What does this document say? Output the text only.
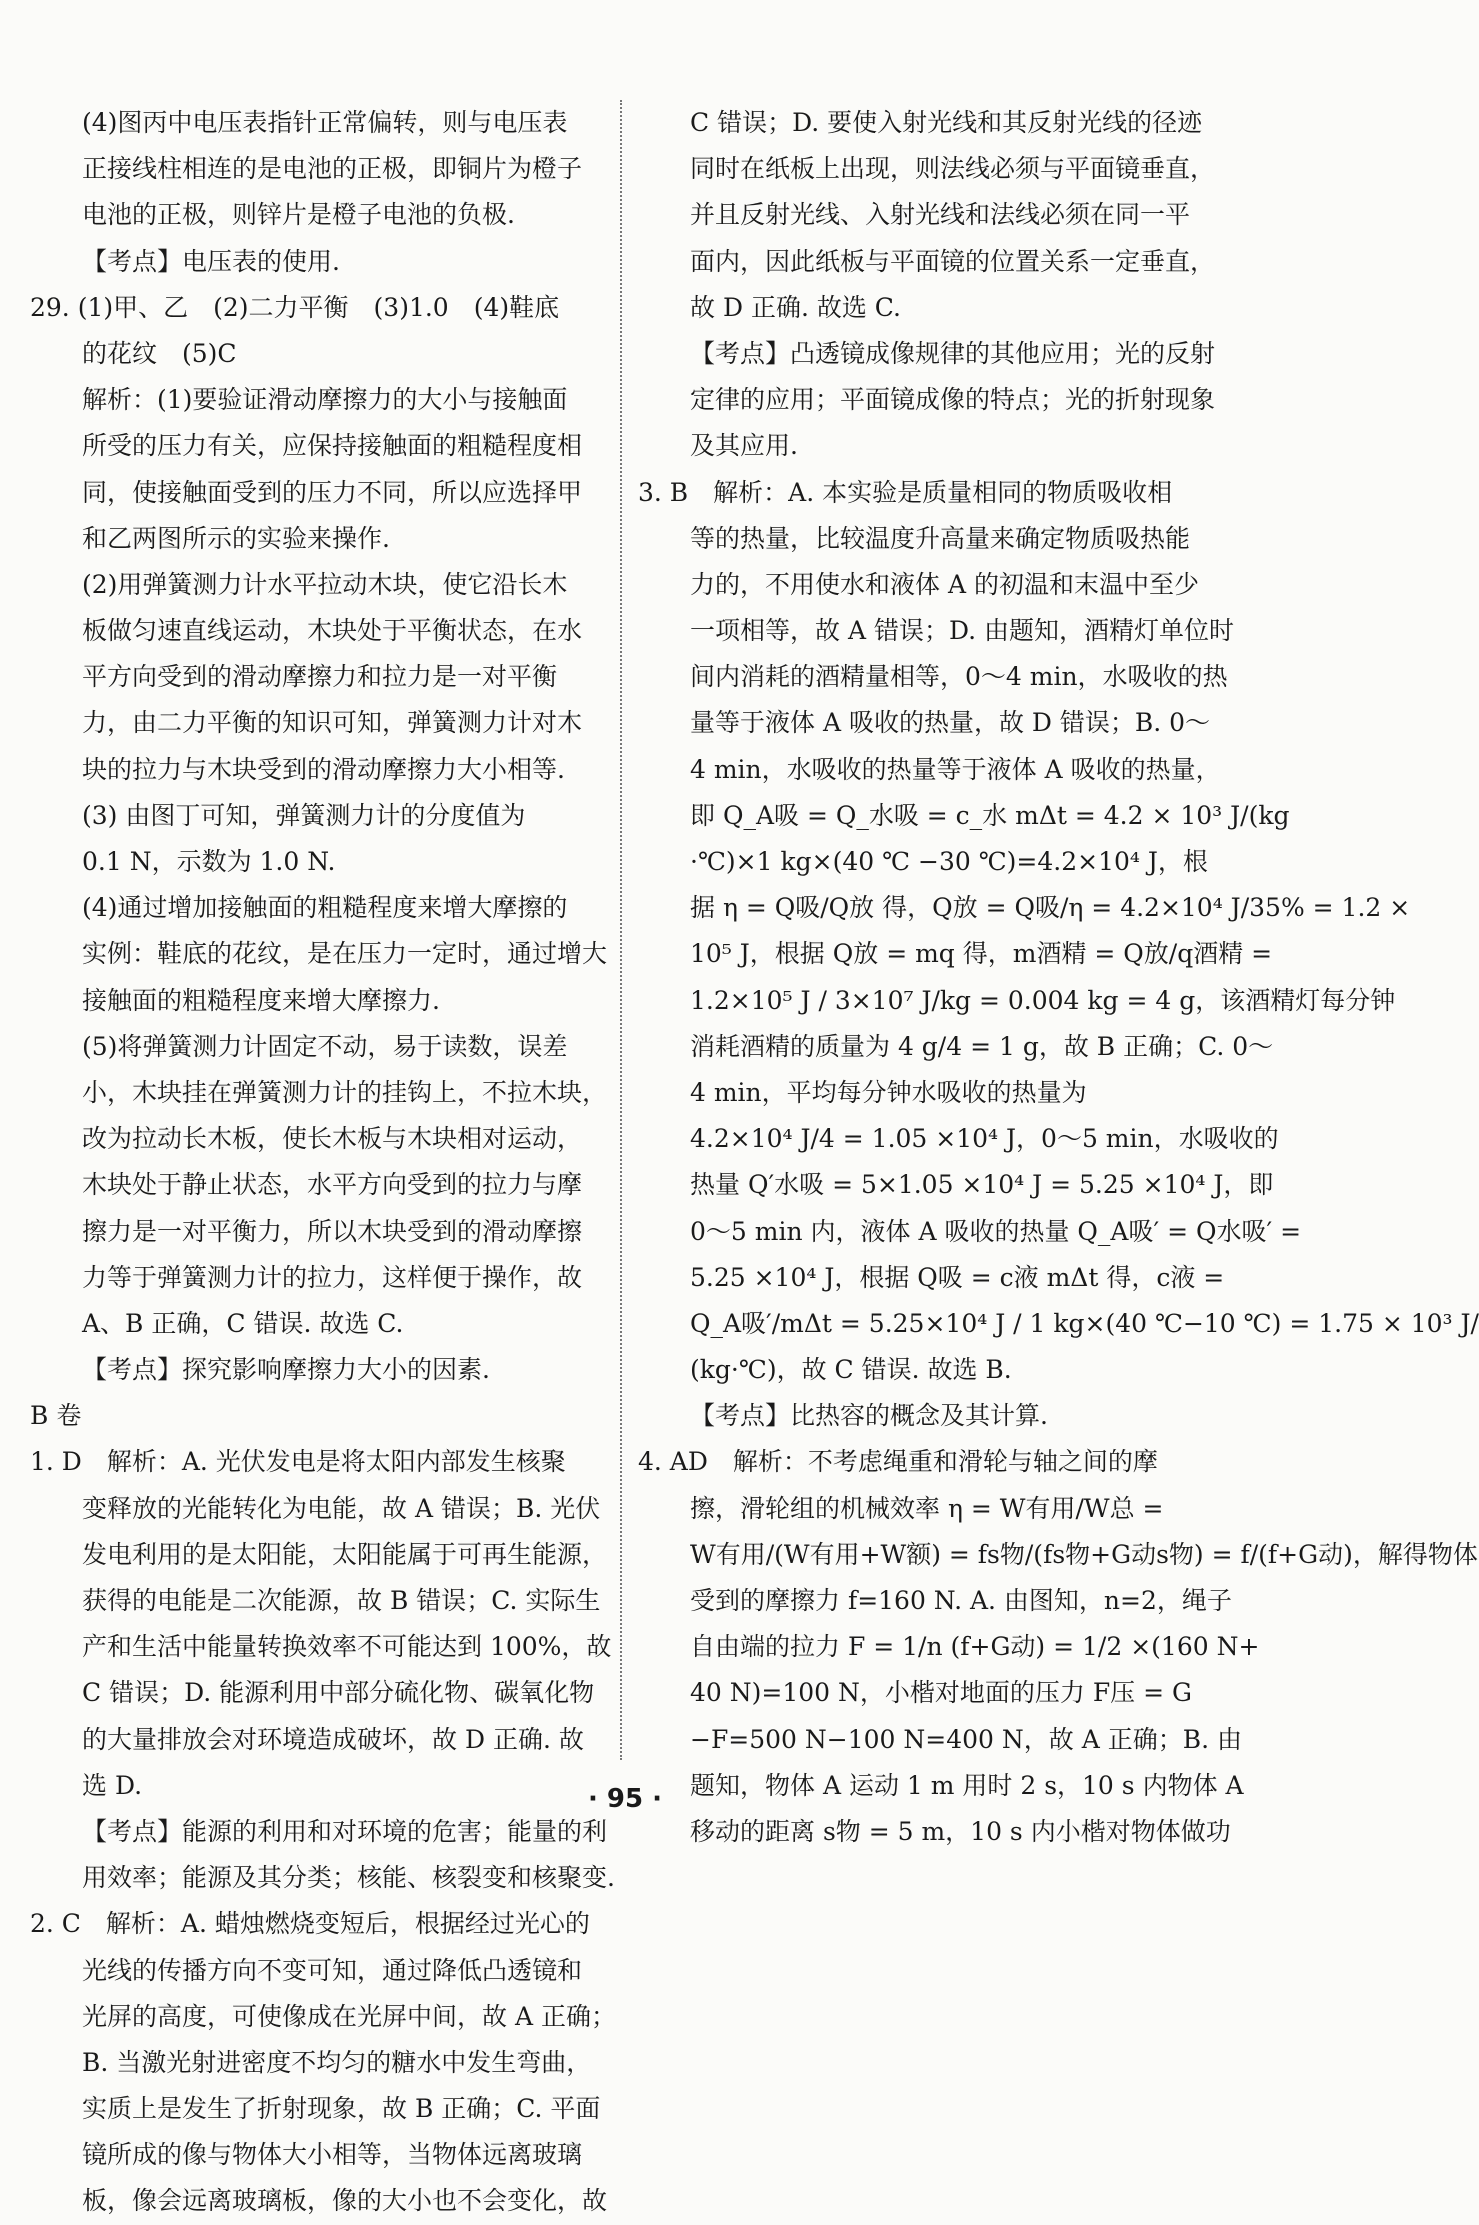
(4)图丙中电压表指针正常偏转，则与电压表
正接线柱相连的是电池的正极，即铜片为橙子
电池的正极，则锌片是橙子电池的负极.
【考点】电压表的使用.
29. (1)甲、乙　(2)二力平衡　(3)1.0　(4)鞋底
的花纹　(5)C
解析：(1)要验证滑动摩擦力的大小与接触面
所受的压力有关，应保持接触面的粗糙程度相
同，使接触面受到的压力不同，所以应选择甲
和乙两图所示的实验来操作.
(2)用弹簧测力计水平拉动木块，使它沿长木
板做匀速直线运动，木块处于平衡状态，在水
平方向受到的滑动摩擦力和拉力是一对平衡
力，由二力平衡的知识可知，弹簧测力计对木
块的拉力与木块受到的滑动摩擦力大小相等.
(3) 由图丁可知，弹簧测力计的分度值为
0.1 N，示数为 1.0 N.
(4)通过增加接触面的粗糙程度来增大摩擦的
实例：鞋底的花纹，是在压力一定时，通过增大
接触面的粗糙程度来增大摩擦力.
(5)将弹簧测力计固定不动，易于读数，误差
小，木块挂在弹簧测力计的挂钩上，不拉木块，
改为拉动长木板，使长木板与木块相对运动，
木块处于静止状态，水平方向受到的拉力与摩
擦力是一对平衡力，所以木块受到的滑动摩擦
力等于弹簧测力计的拉力，这样便于操作，故
A、B 正确，C 错误. 故选 C.
【考点】探究影响摩擦力大小的因素.
B 卷
1. D　解析：A. 光伏发电是将太阳内部发生核聚
变释放的光能转化为电能，故 A 错误；B. 光伏
发电利用的是太阳能，太阳能属于可再生能源，
获得的电能是二次能源，故 B 错误；C. 实际生
产和生活中能量转换效率不可能达到 100%，故
C 错误；D. 能源利用中部分硫化物、碳氧化物
的大量排放会对环境造成破坏，故 D 正确. 故
选 D.
【考点】能源的利用和对环境的危害；能量的利
用效率；能源及其分类；核能、核裂变和核聚变.
2. C　解析：A. 蜡烛燃烧变短后，根据经过光心的
光线的传播方向不变可知，通过降低凸透镜和
光屏的高度，可使像成在光屏中间，故 A 正确；
B. 当激光射进密度不均匀的糖水中发生弯曲，
实质上是发生了折射现象，故 B 正确；C. 平面
镜所成的像与物体大小相等，当物体远离玻璃
板，像会远离玻璃板，像的大小也不会变化，故
C 错误；D. 要使入射光线和其反射光线的径迹
同时在纸板上出现，则法线必须与平面镜垂直，
并且反射光线、入射光线和法线必须在同一平
面内，因此纸板与平面镜的位置关系一定垂直，
故 D 正确. 故选 C.
【考点】凸透镜成像规律的其他应用；光的反射
定律的应用；平面镜成像的特点；光的折射现象
及其应用.
3. B　解析：A. 本实验是质量相同的物质吸收相
等的热量，比较温度升高量来确定物质吸热能
力的，不用使水和液体 A 的初温和末温中至少
一项相等，故 A 错误；D. 由题知，酒精灯单位时
间内消耗的酒精量相等，0～4 min，水吸收的热
量等于液体 A 吸收的热量，故 D 错误；B. 0～
4 min，水吸收的热量等于液体 A 吸收的热量，
即 Q_A吸 = Q_水吸 = c_水 mΔt = 4.2 × 10³ J/(kg
·℃)×1 kg×(40 ℃ −30 ℃)=4.2×10⁴ J，根
据 η = Q吸/Q放 得，Q放 = Q吸/η = 4.2×10⁴ J/35% = 1.2 ×
10⁵ J，根据 Q放 = mq 得，m酒精 = Q放/q酒精 =
1.2×10⁵ J / 3×10⁷ J/kg = 0.004 kg = 4 g，该酒精灯每分钟
消耗酒精的质量为 4 g/4 = 1 g，故 B 正确；C. 0～
4 min，平均每分钟水吸收的热量为
4.2×10⁴ J/4 = 1.05 ×10⁴ J，0～5 min，水吸收的
热量 Q′水吸 = 5×1.05 ×10⁴ J = 5.25 ×10⁴ J，即
0～5 min 内，液体 A 吸收的热量 Q_A吸′ = Q水吸′ =
5.25 ×10⁴ J，根据 Q吸 = c液 mΔt 得，c液 =
Q_A吸′/mΔt = 5.25×10⁴ J / 1 kg×(40 ℃−10 ℃) = 1.75 × 10³ J/
(kg·℃)，故 C 错误. 故选 B.
【考点】比热容的概念及其计算.
4. AD　解析：不考虑绳重和滑轮与轴之间的摩
擦，滑轮组的机械效率 η = W有用/W总 =
W有用/(W有用+W额) = fs物/(fs物+G动s物) = f/(f+G动)，解得物体
受到的摩擦力 f=160 N. A. 由图知，n=2，绳子
自由端的拉力 F = 1/n (f+G动) = 1/2 ×(160 N+
40 N)=100 N，小楷对地面的压力 F压 = G
−F=500 N−100 N=400 N，故 A 正确；B. 由
题知，物体 A 运动 1 m 用时 2 s，10 s 内物体 A
移动的距离 s物 = 5 m，10 s 内小楷对物体做功
· 95 ·
